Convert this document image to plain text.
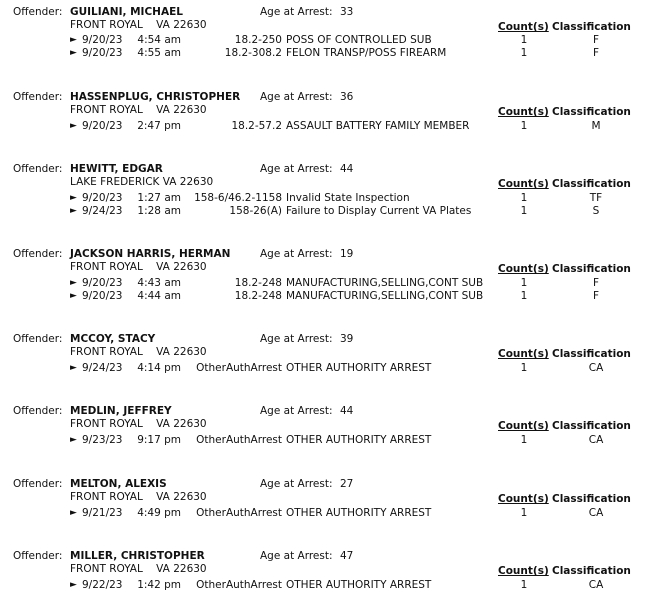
Offender: GUILIANI, MICHAEL	Age at Arrest: 33
FRONT ROYAL    VA 22630	Count(s) Classification
► 9/20/23 4:54 am	18.2-250 POSS OF CONTROLLED SUB	1	F
► 9/20/23 4:55 am	18.2-308.2 FELON TRANSP/POSS FIREARM	1	F
Offender: HASSENPLUG, CHRISTOPHER Age at Arrest: 36
FRONT ROYAL    VA 22630	Count(s) Classification
► 9/20/23 2:47 pm	18.2-57.2 ASSAULT BATTERY FAMILY MEMBER	1	M
Offender: HEWITT, EDGAR	Age at Arrest: 44
LAKE FREDERICK VA 22630	Count(s) Classification
► 9/20/23 1:27 am 158-6/46.2-1158 Invalid State Inspection	1	TF
► 9/24/23 1:28 am	158-26(A) Failure to Display Current VA Plates	1	S
Offender: JACKSON HARRIS, HERMAN	Age at Arrest: 19
FRONT ROYAL    VA 22630	Count(s) Classification
► 9/20/23 4:43 am	18.2-248 MANUFACTURING,SELLING,CONT SUB	1	F
► 9/20/23 4:44 am	18.2-248 MANUFACTURING,SELLING,CONT SUB	1	F
Offender: MCCOY, STACY	Age at Arrest: 39
FRONT ROYAL    VA 22630	Count(s) Classification
► 9/24/23 4:14 pm OtherAuthArrest OTHER AUTHORITY ARREST	1	CA
Offender: MEDLIN, JEFFREY	Age at Arrest: 44
FRONT ROYAL    VA 22630	Count(s) Classification
► 9/23/23 9:17 pm OtherAuthArrest OTHER AUTHORITY ARREST	1	CA
Offender: MELTON, ALEXIS	Age at Arrest: 27
FRONT ROYAL    VA 22630	Count(s) Classification
► 9/21/23 4:49 pm OtherAuthArrest OTHER AUTHORITY ARREST	1	CA
Offender: MILLER, CHRISTOPHER	Age at Arrest: 47
FRONT ROYAL    VA 22630	Count(s) Classification
► 9/22/23 1:42 pm OtherAuthArrest OTHER AUTHORITY ARREST	1	CA
